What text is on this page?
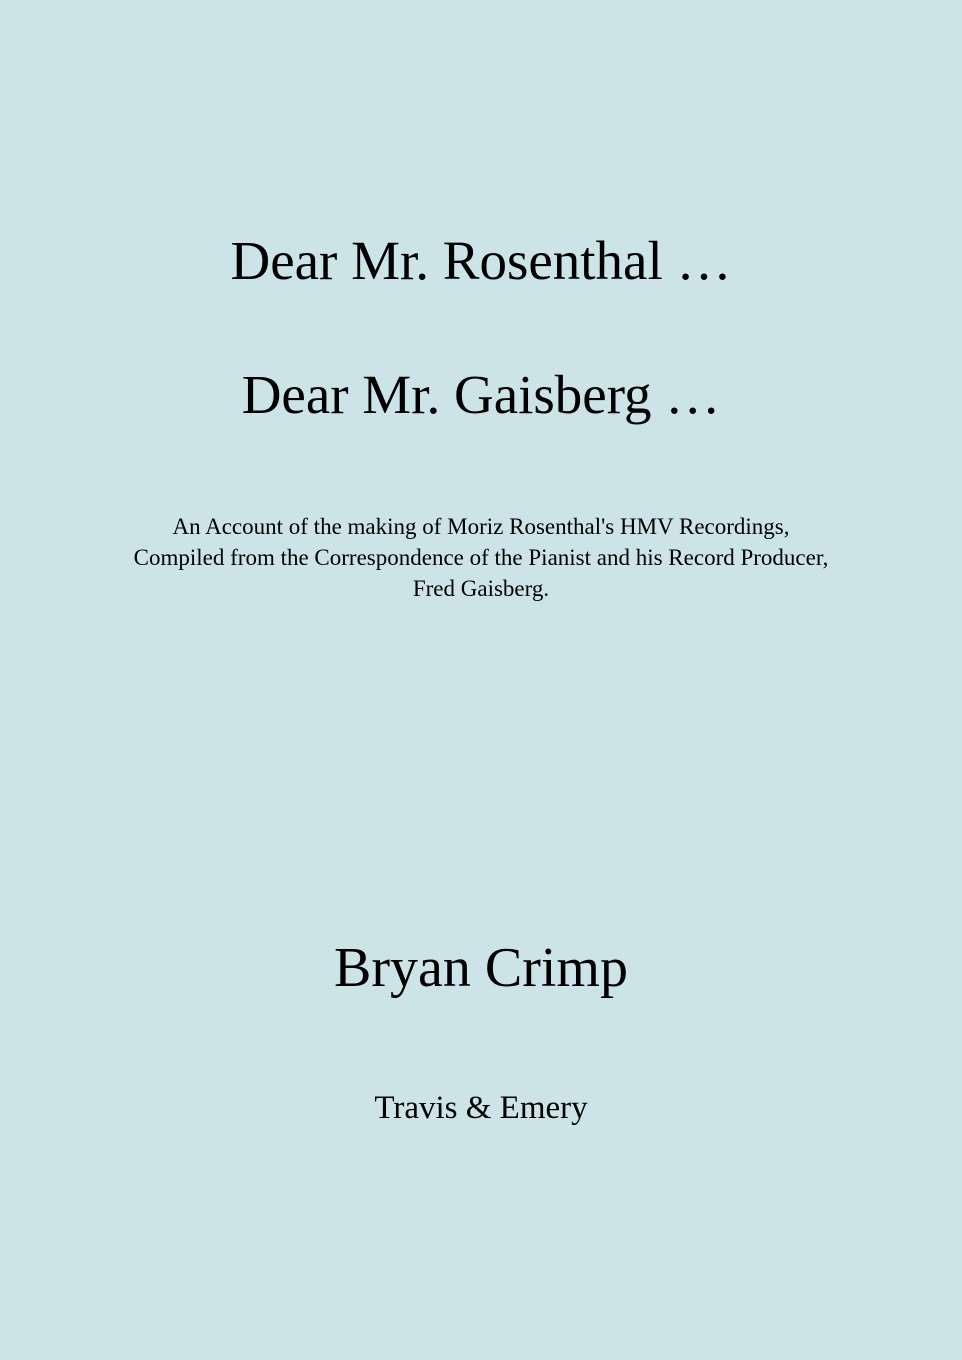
Dear Mr. Rosenthal …
Dear Mr. Gaisberg …
An Account of the making of Moriz Rosenthal's HMV Recordings,
Compiled from the Correspondence of the Pianist and his Record Producer,
Fred Gaisberg.
Bryan Crimp
Travis & Emery
